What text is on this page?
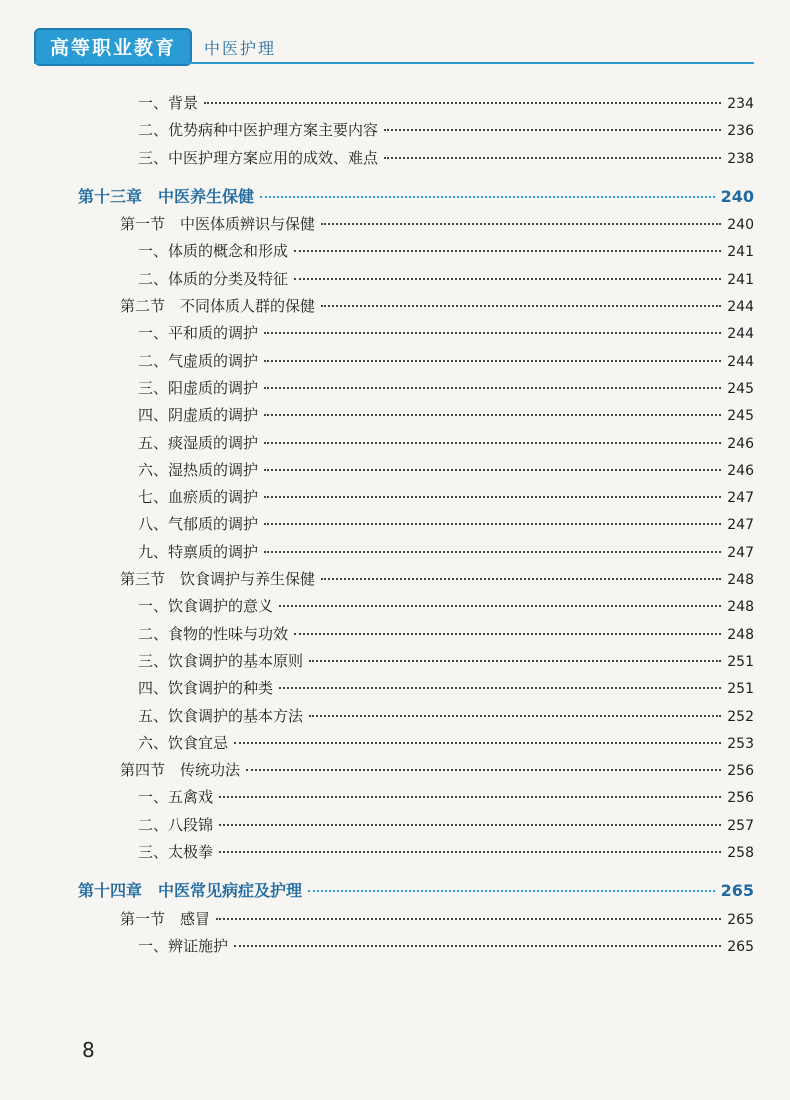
高等职业教育	中医护理
一、背景	234
二、优势病种中医护理方案主要内容	236
三、中医护理方案应用的成效、难点	238
第十三章　中医养生保健	240
第一节　中医体质辨识与保健	240
一、体质的概念和形成	241
二、体质的分类及特征	241
第二节　不同体质人群的保健	244
一、平和质的调护	244
二、气虚质的调护	244
三、阳虚质的调护	245
四、阴虚质的调护	245
五、痰湿质的调护	246
六、湿热质的调护	246
七、血瘀质的调护	247
八、气郁质的调护	247
九、特禀质的调护	247
第三节　饮食调护与养生保健	248
一、饮食调护的意义	248
二、食物的性味与功效	248
三、饮食调护的基本原则	251
四、饮食调护的种类	251
五、饮食调护的基本方法	252
六、饮食宜忌	253
第四节　传统功法	256
一、五禽戏	256
二、八段锦	257
三、太极拳	258
第十四章　中医常见病症及护理	265
第一节　感冒	265
一、辨证施护	265
8
